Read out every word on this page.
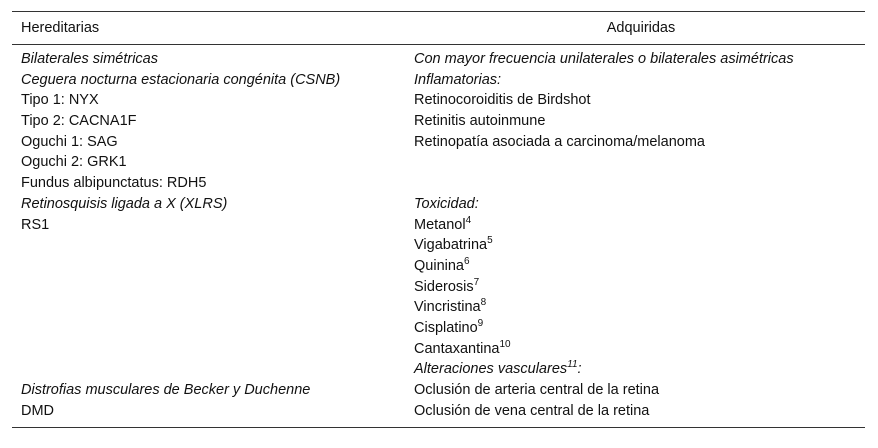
Hereditarias	Adquiridas
Bilaterales simétricas
Ceguera nocturna estacionaria congénita (CSNB)
Tipo 1: NYX
Tipo 2: CACNA1F
Oguchi 1: SAG
Oguchi 2: GRK1
Fundus albipunctatus: RDH5
Retinosquisis ligada a X (XLRS)
RS1
Distrofias musculares de Becker y Duchenne
DMD
Con mayor frecuencia unilaterales o bilaterales asimétricas
Inflamatorias:
Retinocoroiditis de Birdshot
Retinitis autoinmune
Retinopatía asociada a carcinoma/melanoma
Toxicidad:
Metanol$^4$
Vigabatrina$^5$
Quinina$^6$
Siderosis$^7$
Vincristina$^8$
Cisplatino$^9$
Cantaxantina$^{10}$
Alteraciones vasculares$^{11}$:
Oclusión de arteria central de la retina
Oclusión de vena central de la retina
